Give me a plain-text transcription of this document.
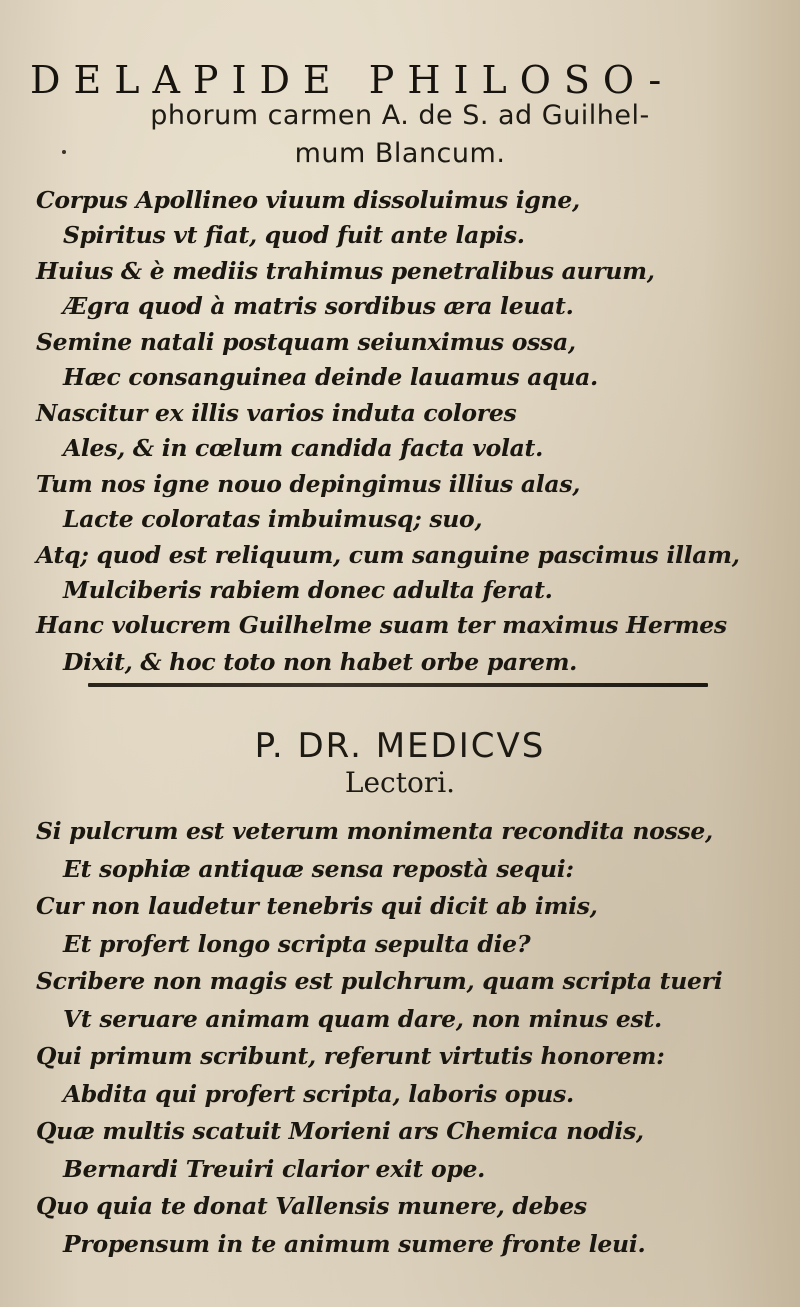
DELAPIDE PHILOSO-
phorum carmen A. de S. ad Guilhel-
mum Blancum.

Corpus Apollineo viuum dissoluimus igne,

Spiritus vt fiat, quod fuit ante lapis.

Huius & è mediis trahimus penetralibus aurum,

Ægra quod à matris sordibus æra leuat.

Semine natali postquam seiunximus ossa,

Hæc consanguinea deinde lauamus aqua.

Nascitur ex illis varios induta colores

Ales, & in cœlum candida facta volat.

Tum nos igne nouo depingimus illius alas,

Lacte coloratas imbuimusq; suo,

Atq; quod est reliquum, cum sanguine pascimus illam,

Mulciberis rabiem donec adulta ferat.

Hanc volucrem Guilhelme suam ter maximus Hermes

Dixit, & hoc toto non habet orbe parem.

P. DR. MEDICVS
Lectori.

Si pulcrum est veterum monimenta recondita nosse,

Et sophiæ antiquæ sensa repostà sequi:

Cur non laudetur tenebris qui dicit ab imis,

Et profert longo scripta sepulta die?

Scribere non magis est pulchrum, quam scripta tueri

Vt seruare animam quam dare, non minus est.

Qui primum scribunt, referunt virtutis honorem:

Abdita qui profert scripta, laboris opus.

Quæ multis scatuit Morieni ars Chemica nodis,

Bernardi Treuiri clarior exit ope.

Quo quia te donat Vallensis munere, debes

Propensum in te animum sumere fronte leui.
